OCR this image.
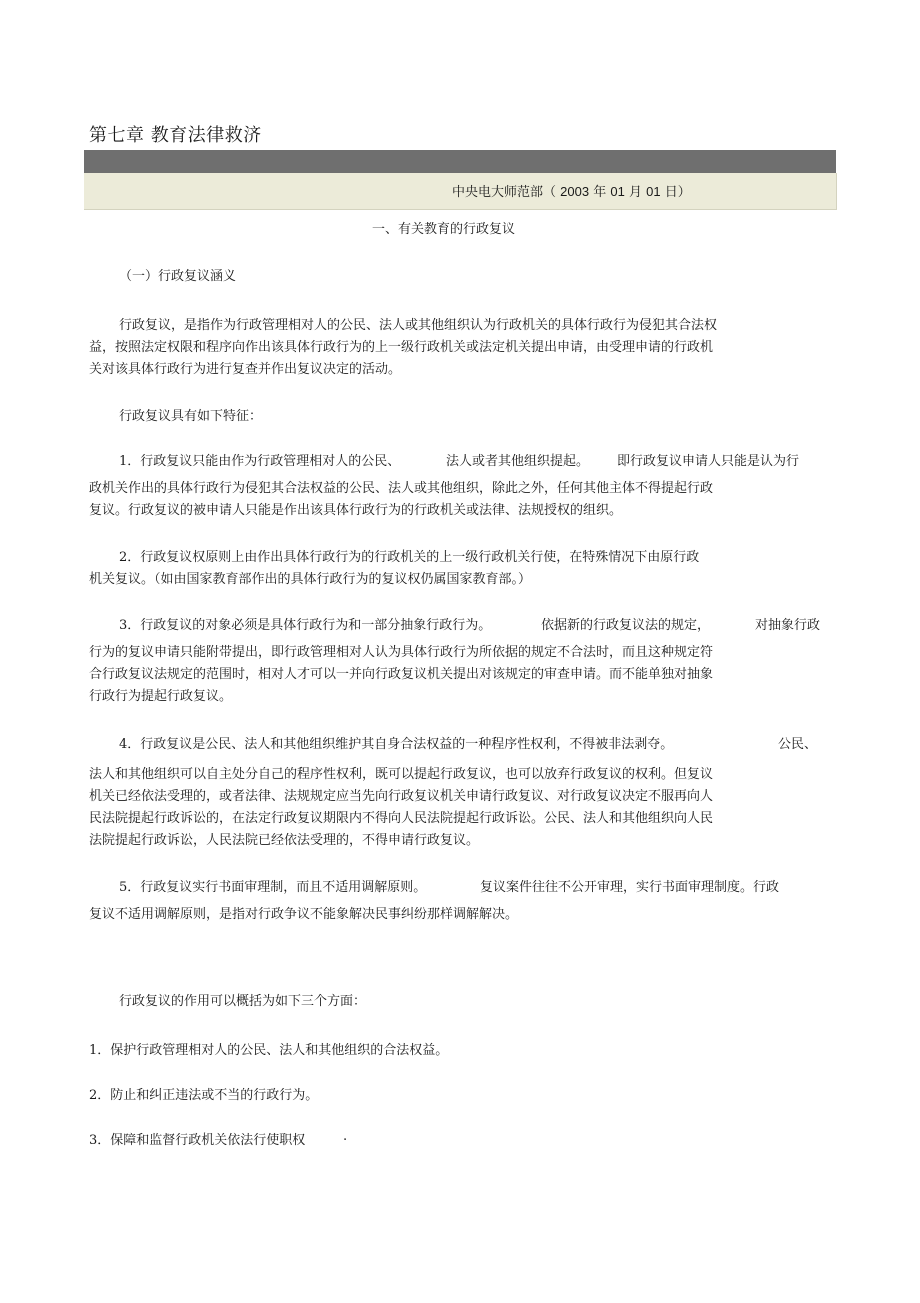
第七章 教育法律救济
中央电大师范部（ 2003 年 01 月 01 日）
一、有关教育的行政复议
（一）行政复议涵义
行政复议，是指作为行政管理相对人的公民、法人或其他组织认为行政机关的具体行政行为侵犯其合法权
益，按照法定权限和程序向作出该具体行政行为的上一级行政机关或法定机关提出申请，由受理申请的行政机
关对该具体行政行为进行复查并作出复议决定的活动。
行政复议具有如下特征：
1．行政复议只能由作为行政管理相对人的公民、	法人或者其他组织提起。 即行政复议申请人只能是认为行
政机关作出的具体行政行为侵犯其合法权益的公民、法人或其他组织，除此之外，任何其他主体不得提起行政
复议。行政复议的被申请人只能是作出该具体行政行为的行政机关或法律、法规授权的组织。
2．行政复议权原则上由作出具体行政行为的行政机关的上一级行政机关行使，在特殊情况下由原行政
机关复议。（如由国家教育部作出的具体行政行为的复议权仍属国家教育部。）
3．行政复议的对象必须是具体行政行为和一部分抽象行政行为。	依据新的行政复议法的规定，	对抽象行政
行为的复议申请只能附带提出，即行政管理相对人认为具体行政行为所依据的规定不合法时，而且这种规定符
合行政复议法规定的范围时，相对人才可以一并向行政复议机关提出对该规定的审查申请。而不能单独对抽象
行政行为提起行政复议。
4．行政复议是公民、法人和其他组织维护其自身合法权益的一种程序性权利，不得被非法剥夺。	公民、
法人和其他组织可以自主处分自己的程序性权利，既可以提起行政复议，也可以放弃行政复议的权利。但复议
机关已经依法受理的，或者法律、法规规定应当先向行政复议机关申请行政复议、对行政复议决定不服再向人
民法院提起行政诉讼的，在法定行政复议期限内不得向人民法院提起行政诉讼。公民、法人和其他组织向人民
法院提起行政诉讼，人民法院已经依法受理的，不得申请行政复议。
5．行政复议实行书面审理制，而且不适用调解原则。	复议案件往往不公开审理，实行书面审理制度。行政
复议不适用调解原则，是指对行政争议不能象解决民事纠纷那样调解解决。
行政复议的作用可以概括为如下三个方面：
1．保护行政管理相对人的公民、法人和其他组织的合法权益。
2．防止和纠正违法或不当的行政行为。
3．保障和监督行政机关依法行使职权	.
